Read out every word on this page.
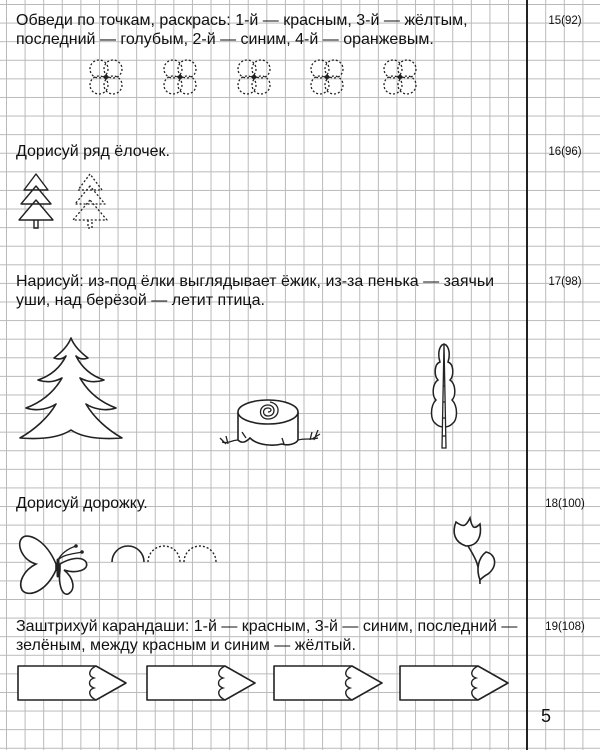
Обведи по точкам, раскрась: 1-й — красным, 3-й — жёлтым, последний — голубым, 2-й — синим, 4-й — оранжевым.

15(92)

Дорисуй ряд ёлочек.	16(96)

Нарисуй: из-под ёлки выглядывает ёжик, из-за пенька — заячьи уши, над берёзой — летит птица.

17(98)

Дорисуй дорожку.	18(100)

Заштрихуй карандаши: 1-й — красным, 3-й — синим, последний — зелёным, между красным и синим — жёлтый.

19(108)
5
